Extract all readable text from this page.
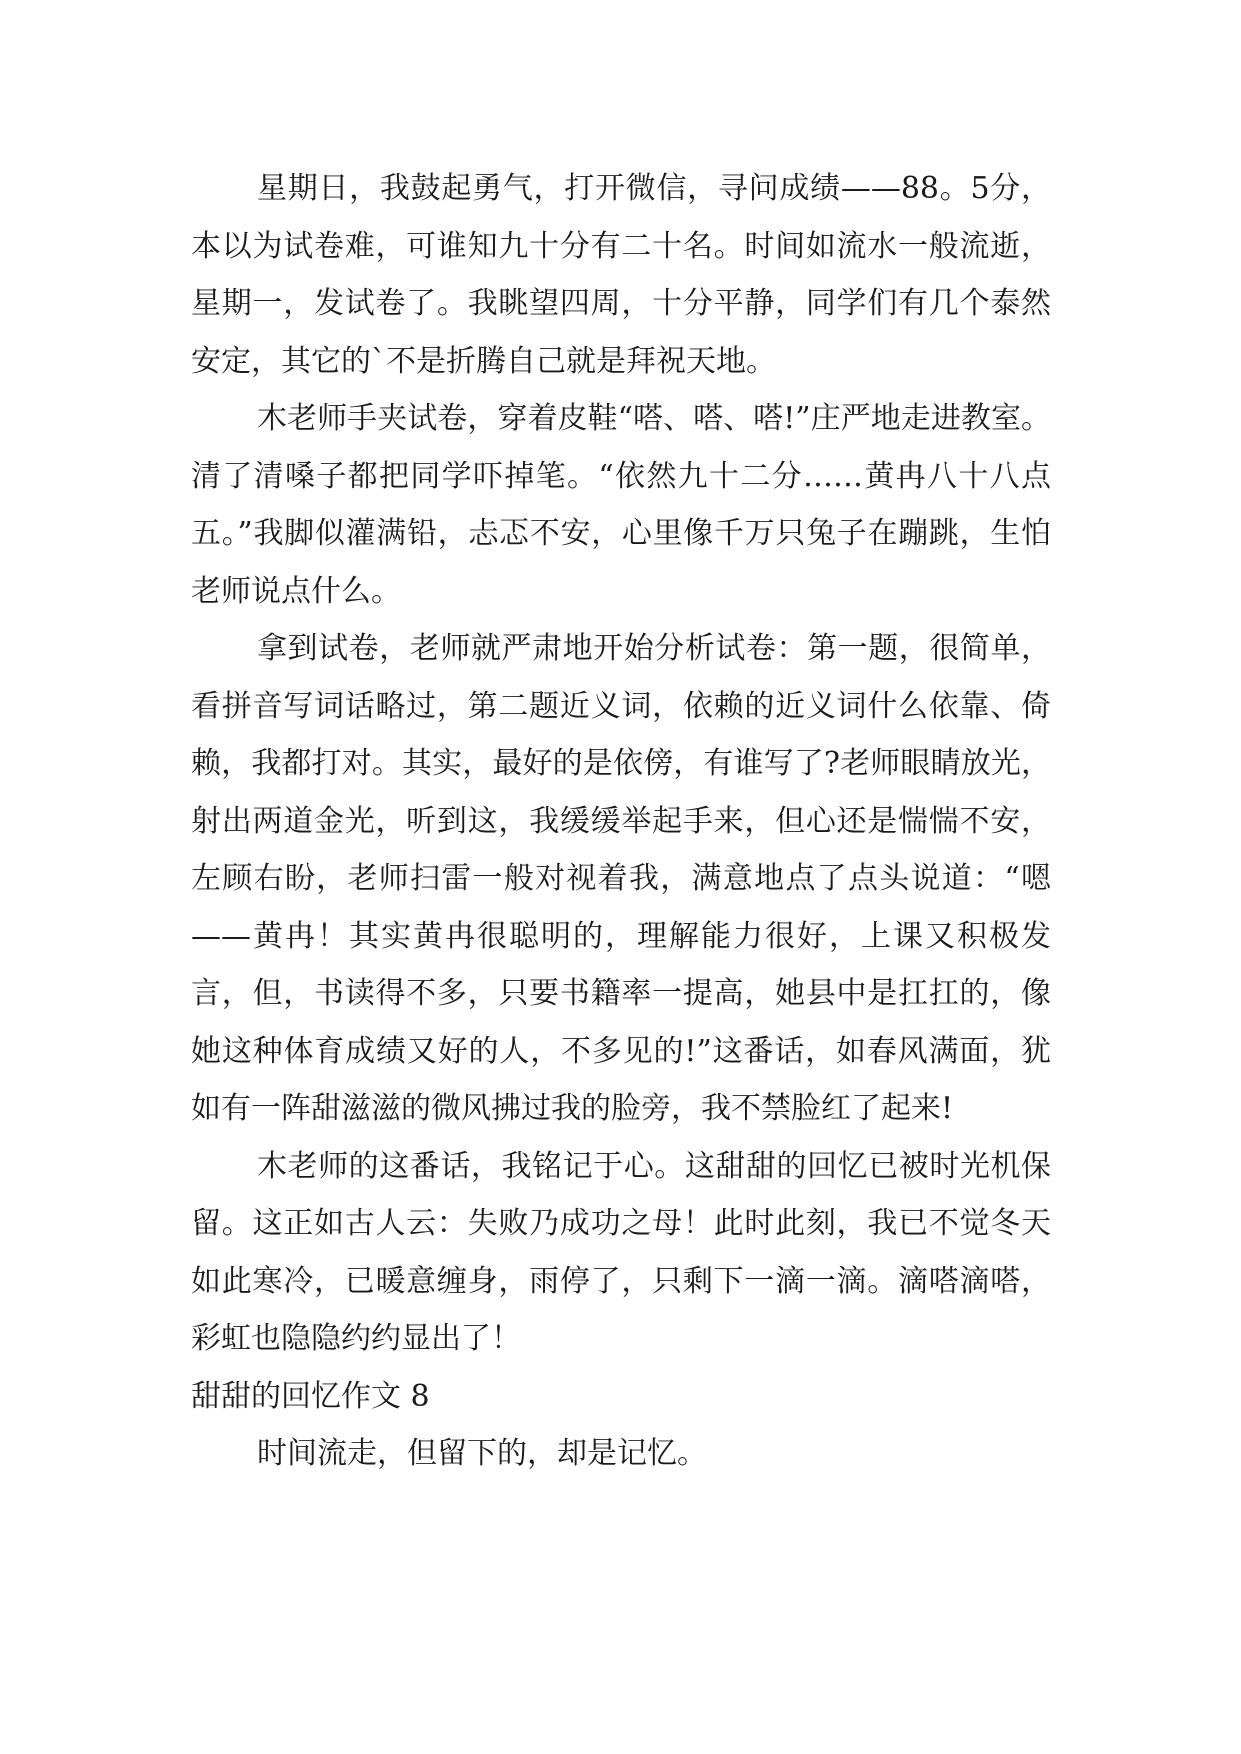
星期日，我鼓起勇气，打开微信，寻问成绩——88。5分，本以为试卷难，可谁知九十分有二十名。时间如流水一般流逝，星期一，发试卷了。我眺望四周，十分平静，同学们有几个泰然安定，其它的`不是折腾自己就是拜祝天地。

木老师手夹试卷，穿着皮鞋“嗒、嗒、嗒!”庄严地走进教室。清了清嗓子都把同学吓掉笔。“依然九十二分……黄冉八十八点五。”我脚似灌满铅，忐忑不安，心里像千万只兔子在蹦跳，生怕老师说点什么。

拿到试卷，老师就严肃地开始分析试卷：第一题，很简单，看拼音写词话略过，第二题近义词，依赖的近义词什么依靠、倚赖，我都打对。其实，最好的是依傍，有谁写了?老师眼睛放光，射出两道金光，听到这，我缓缓举起手来，但心还是惴惴不安，左顾右盼，老师扫雷一般对视着我，满意地点了点头说道：“嗯——黄冉！其实黄冉很聪明的，理解能力很好，上课又积极发言，但，书读得不多，只要书籍率一提高，她县中是扛扛的，像她这种体育成绩又好的人，不多见的!”这番话，如春风满面，犹如有一阵甜滋滋的微风拂过我的脸旁，我不禁脸红了起来!

木老师的这番话，我铭记于心。这甜甜的回忆已被时光机保留。这正如古人云：失败乃成功之母！此时此刻，我已不觉冬天如此寒冷，已暖意缠身，雨停了，只剩下一滴一滴。滴嗒滴嗒，彩虹也隐隐约约显出了！

甜甜的回忆作文 8

时间流走，但留下的，却是记忆。
